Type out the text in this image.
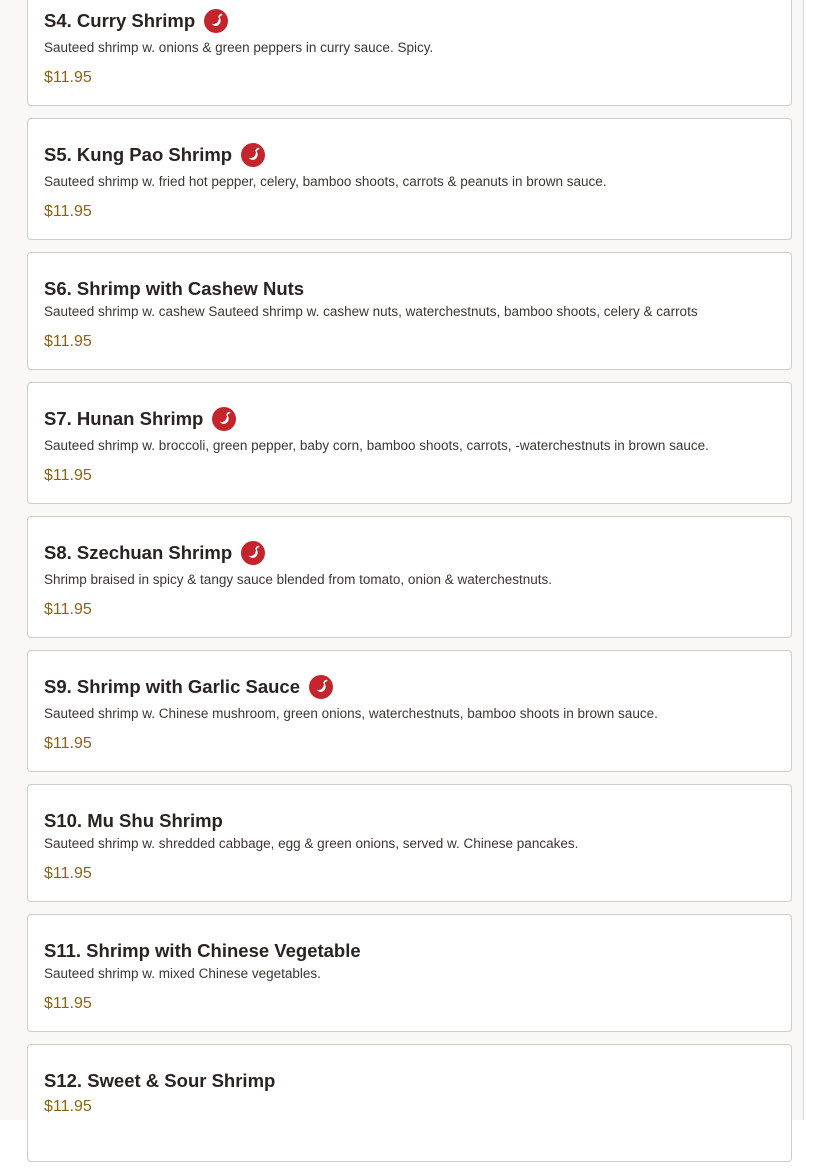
S4. Curry Shrimp
Sauteed shrimp w. onions & green peppers in curry sauce. Spicy.
$11.95
S5. Kung Pao Shrimp
Sauteed shrimp w. fried hot pepper, celery, bamboo shoots, carrots & peanuts in brown sauce.
$11.95
S6. Shrimp with Cashew Nuts
Sauteed shrimp w. cashew Sauteed shrimp w. cashew nuts, waterchestnuts, bamboo shoots, celery & carrots
$11.95
S7. Hunan Shrimp
Sauteed shrimp w. broccoli, green pepper, baby corn, bamboo shoots, carrots, -waterchestnuts in brown sauce.
$11.95
S8. Szechuan Shrimp
Shrimp braised in spicy & tangy sauce blended from tomato, onion & waterchestnuts.
$11.95
S9. Shrimp with Garlic Sauce
Sauteed shrimp w. Chinese mushroom, green onions, waterchestnuts, bamboo shoots in brown sauce.
$11.95
S10. Mu Shu Shrimp
Sauteed shrimp w. shredded cabbage, egg & green onions, served w. Chinese pancakes.
$11.95
S11. Shrimp with Chinese Vegetable
Sauteed shrimp w. mixed Chinese vegetables.
$11.95
S12. Sweet & Sour Shrimp
$11.95
